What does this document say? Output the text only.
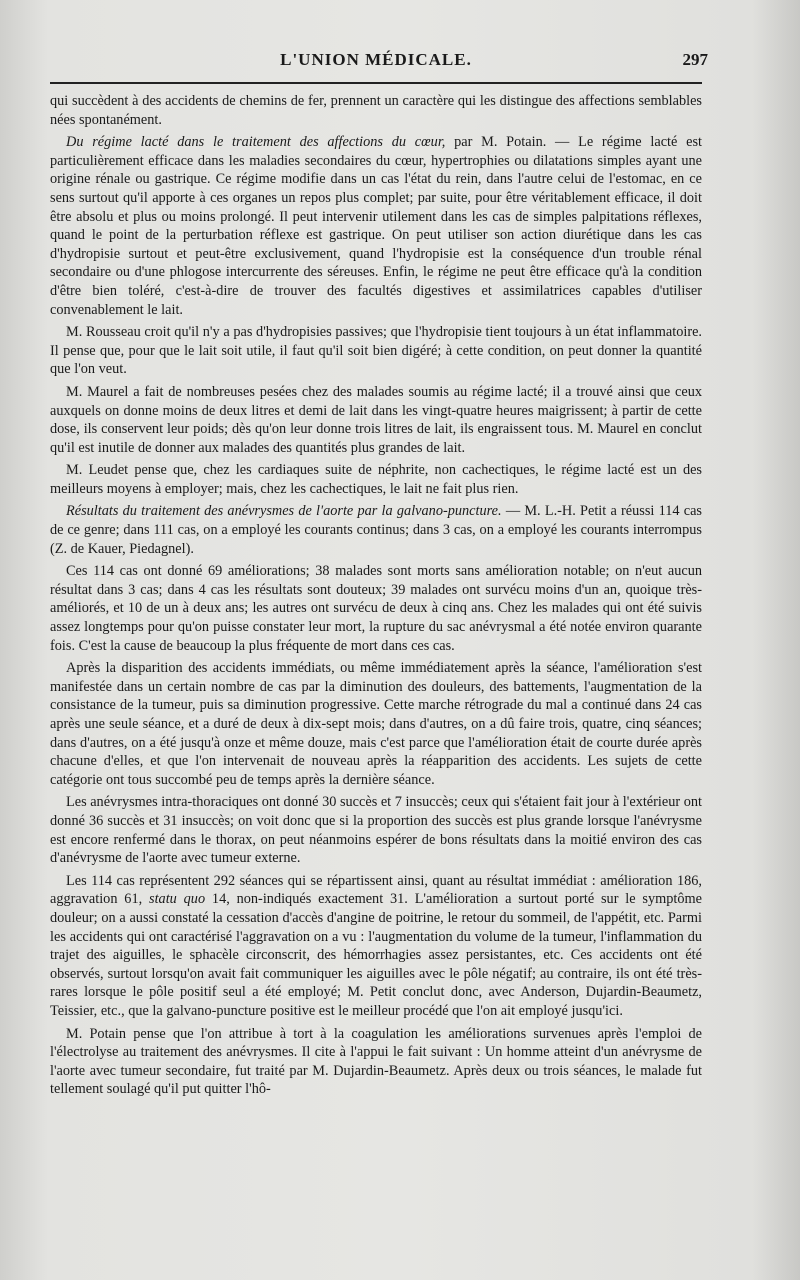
L'UNION MÉDICALE.	297

qui succèdent à des accidents de chemins de fer, prennent un caractère qui les distingue des affections semblables nées spontanément.

Du régime lacté dans le traitement des affections du cœur, par M. Potain. — Le régime lacté est particulièrement efficace dans les maladies secondaires du cœur, hypertrophies ou dilatations simples ayant une origine rénale ou gastrique. Ce régime modifie dans un cas l'état du rein, dans l'autre celui de l'estomac, en ce sens surtout qu'il apporte à ces organes un repos plus complet; par suite, pour être véritablement efficace, il doit être absolu et plus ou moins prolongé. Il peut intervenir utilement dans les cas de simples palpitations réflexes, quand le point de la perturbation réflexe est gastrique. On peut utiliser son action diurétique dans les cas d'hydropisie surtout et peut-être exclusivement, quand l'hydropisie est la conséquence d'un trouble rénal secondaire ou d'une phlogose intercurrente des séreuses. Enfin, le régime ne peut être efficace qu'à la condition d'être bien toléré, c'est-à-dire de trouver des facultés digestives et assimilatrices capables d'utiliser convenablement le lait.

M. Rousseau croit qu'il n'y a pas d'hydropisies passives; que l'hydropisie tient toujours à un état inflammatoire. Il pense que, pour que le lait soit utile, il faut qu'il soit bien digéré; à cette condition, on peut donner la quantité que l'on veut.

M. Maurel a fait de nombreuses pesées chez des malades soumis au régime lacté; il a trouvé ainsi que ceux auxquels on donne moins de deux litres et demi de lait dans les vingt-quatre heures maigrissent; à partir de cette dose, ils conservent leur poids; dès qu'on leur donne trois litres de lait, ils engraissent tous. M. Maurel en conclut qu'il est inutile de donner aux malades des quantités plus grandes de lait.

M. Leudet pense que, chez les cardiaques suite de néphrite, non cachectiques, le régime lacté est un des meilleurs moyens à employer; mais, chez les cachectiques, le lait ne fait plus rien.

Résultats du traitement des anévrysmes de l'aorte par la galvano-puncture. — M. L.-H. Petit a réussi 114 cas de ce genre; dans 111 cas, on a employé les courants continus; dans 3 cas, on a employé les courants interrompus (Z. de Kauer, Piedagnel).

Ces 114 cas ont donné 69 améliorations; 38 malades sont morts sans amélioration notable; on n'eut aucun résultat dans 3 cas; dans 4 cas les résultats sont douteux; 39 malades ont survécu moins d'un an, quoique très-améliorés, et 10 de un à deux ans; les autres ont survécu de deux à cinq ans. Chez les malades qui ont été suivis assez longtemps pour qu'on puisse constater leur mort, la rupture du sac anévrysmal a été notée environ quarante fois. C'est la cause de beaucoup la plus fréquente de mort dans ces cas.

Après la disparition des accidents immédiats, ou même immédiatement après la séance, l'amélioration s'est manifestée dans un certain nombre de cas par la diminution des douleurs, des battements, l'augmentation de la consistance de la tumeur, puis sa diminution progressive. Cette marche rétrograde du mal a continué dans 24 cas après une seule séance, et a duré de deux à dix-sept mois; dans d'autres, on a dû faire trois, quatre, cinq séances; dans d'autres, on a été jusqu'à onze et même douze, mais c'est parce que l'amélioration était de courte durée après chacune d'elles, et que l'on intervenait de nouveau après la réapparition des accidents. Les sujets de cette catégorie ont tous succombé peu de temps après la dernière séance.

Les anévrysmes intra-thoraciques ont donné 30 succès et 7 insuccès; ceux qui s'étaient fait jour à l'extérieur ont donné 36 succès et 31 insuccès; on voit donc que si la proportion des succès est plus grande lorsque l'anévrysme est encore renfermé dans le thorax, on peut néanmoins espérer de bons résultats dans la moitié environ des cas d'anévrysme de l'aorte avec tumeur externe.

Les 114 cas représentent 292 séances qui se répartissent ainsi, quant au résultat immédiat : amélioration 186, aggravation 61, statu quo 14, non-indiqués exactement 31. L'amélioration a surtout porté sur le symptôme douleur; on a aussi constaté la cessation d'accès d'angine de poitrine, le retour du sommeil, de l'appétit, etc. Parmi les accidents qui ont caractérisé l'aggravation on a vu : l'augmentation du volume de la tumeur, l'inflammation du trajet des aiguilles, le sphacèle circonscrit, des hémorrhagies assez persistantes, etc. Ces accidents ont été observés, surtout lorsqu'on avait fait communiquer les aiguilles avec le pôle négatif; au contraire, ils ont été très-rares lorsque le pôle positif seul a été employé; M. Petit conclut donc, avec Anderson, Dujardin-Beaumetz, Teissier, etc., que la galvano-puncture positive est le meilleur procédé que l'on ait employé jusqu'ici.

M. Potain pense que l'on attribue à tort à la coagulation les améliorations survenues après l'emploi de l'électrolyse au traitement des anévrysmes. Il cite à l'appui le fait suivant : Un homme atteint d'un anévrysme de l'aorte avec tumeur secondaire, fut traité par M. Dujardin-Beaumetz. Après deux ou trois séances, le malade fut tellement soulagé qu'il put quitter l'hô-
